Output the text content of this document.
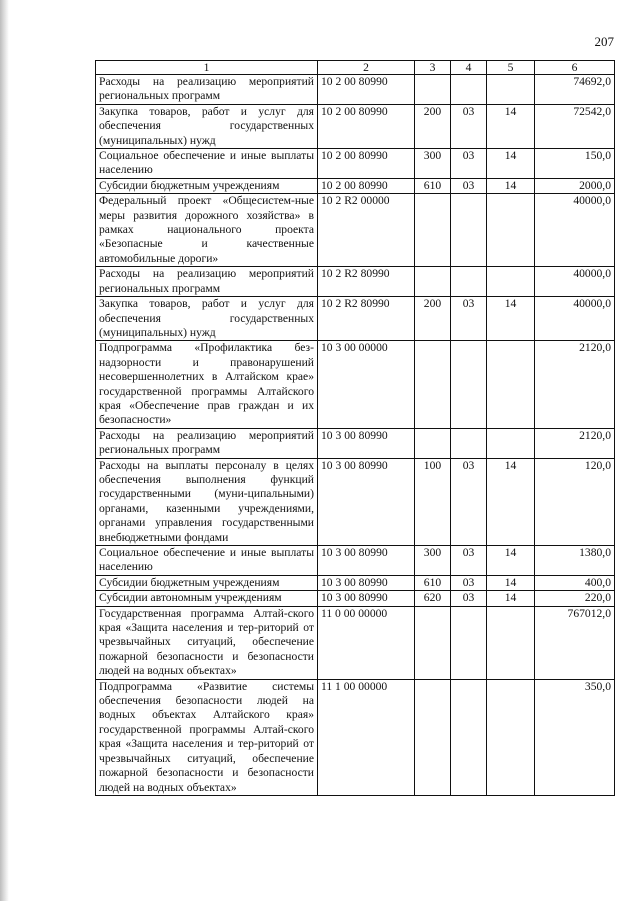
207
1	2	3	4	5	6
Расходы на реализацию мероприятий региональных программ	10 2 00 80990				74692,0
Закупка товаров, работ и услуг для обеспечения государственных (муниципальных) нужд	10 2 00 80990	200	03	14	72542,0
Социальное обеспечение и иные выплаты населению	10 2 00 80990	300	03	14	150,0
Субсидии бюджетным учреждениям	10 2 00 80990	610	03	14	2000,0
Федеральный проект «Общесистем-ные меры развития дорожного хозяйства» в рамках национального проекта «Безопасные и качественные автомобильные дороги»	10 2 R2 00000				40000,0
Расходы на реализацию мероприятий региональных программ	10 2 R2 80990				40000,0
Закупка товаров, работ и услуг для обеспечения государственных (муниципальных) нужд	10 2 R2 80990	200	03	14	40000,0
Подпрограмма «Профилактика без-надзорности и правонарушений несовершеннолетних в Алтайском крае» государственной программы Алтайского края «Обеспечение прав граждан и их безопасности»	10 3 00 00000				2120,0
Расходы на реализацию мероприятий региональных программ	10 3 00 80990				2120,0
Расходы на выплаты персоналу в целях обеспечения выполнения функций государственными (муни-ципальными) органами, казенными учреждениями, органами управления государственными внебюджетными фондами	10 3 00 80990	100	03	14	120,0
Социальное обеспечение и иные выплаты населению	10 3 00 80990	300	03	14	1380,0
Субсидии бюджетным учреждениям	10 3 00 80990	610	03	14	400,0
Субсидии автономным учреждениям	10 3 00 80990	620	03	14	220,0
Государственная программа Алтай-ского края «Защита населения и тер-риторий от чрезвычайных ситуаций, обеспечение пожарной безопасности и безопасности людей на водных объектах»	11 0 00 00000				767012,0
Подпрограмма «Развитие системы обеспечения безопасности людей на водных объектах Алтайского края» государственной программы Алтай-ского края «Защита населения и тер-риторий от чрезвычайных ситуаций, обеспечение пожарной безопасности и безопасности людей на водных объектах»	11 1 00 00000				350,0
